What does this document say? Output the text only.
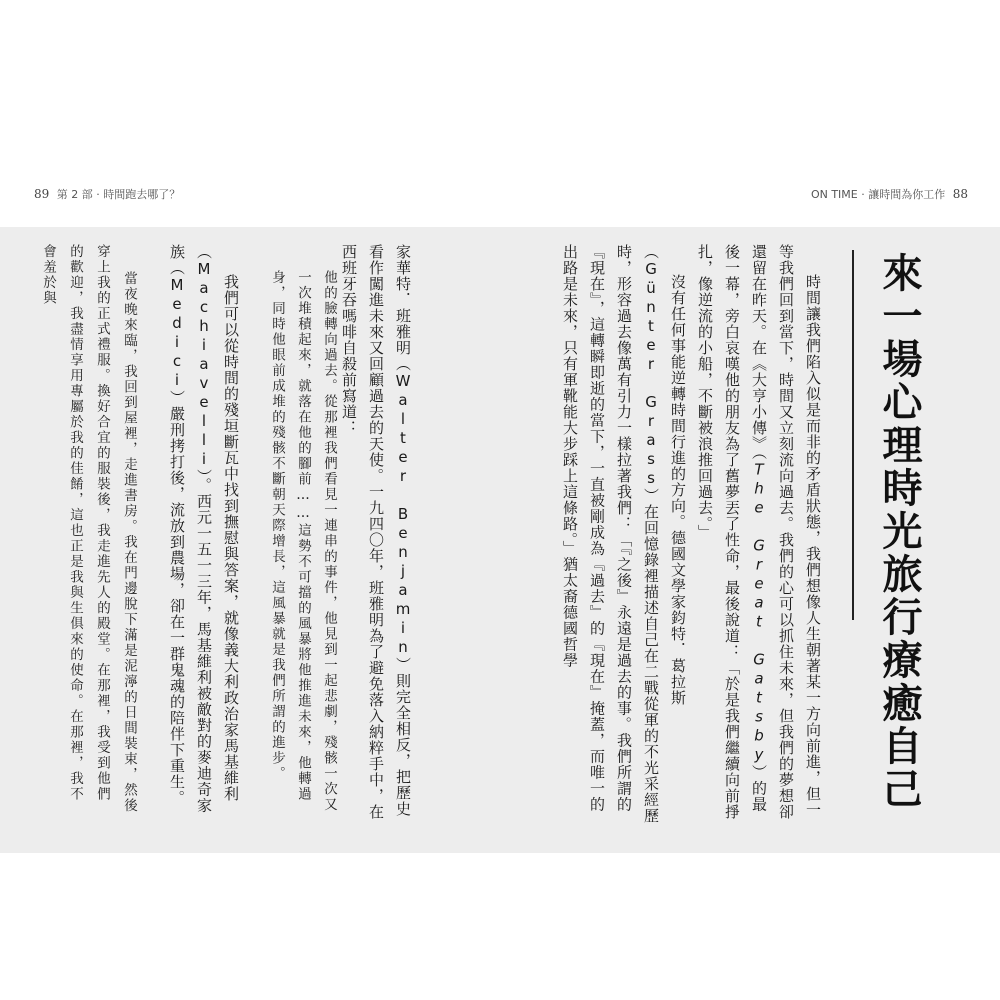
89 第 2 部 · 時間跑去哪了？	ON TIME · 讓時間為你工作 88
來一場心理時光旅行療癒自己

時間讓我們陷入似是而非的矛盾狀態，我們想像人生朝著某一方向前進，但一等我們回到當下，時間又立刻流向過去。我們的心可以抓住未來，但我們的夢想卻還留在昨天。在《大亨小傳》（The Great Gatsby）的最後一幕，旁白哀嘆他的朋友為了舊夢丟了性命，最後說道：「於是我們繼續向前掙扎，像逆流的小船，不斷被浪推回過去。」

沒有任何事能逆轉時間行進的方向。德國文學家鈞特．葛拉斯（Günter Grass）在回憶錄裡描述自己在二戰從軍的不光采經歷時，形容過去像萬有引力一樣拉著我們：「『之後』永遠是過去的事。我們所謂的『現在』，這轉瞬即逝的當下，一直被剛成為『過去』的『現在』掩蓋，而唯一的出路是未來，只有軍靴能大步踩上這條路。」猶太裔德國哲學

家華特．班雅明（Walter Benjamin）則完全相反，把歷史看作闖進未來又回顧過去的天使。一九四〇年，班雅明為了避免落入納粹手中，在西班牙吞嗎啡自殺前寫道：
他的臉轉向過去。從那裡我們看見一連串的事件，他見到一起悲劇，殘骸一次又一次堆積起來，就落在他的腳前……這勢不可擋的風暴將他推進未來，他轉過身，同時他眼前成堆的殘骸不斷朝天際增長，這風暴就是我們所謂的進步。

我們可以從時間的殘垣斷瓦中找到撫慰與答案，就像義大利政治家馬基維利（Machiavelli）。西元一五一三年，馬基維利被敵對的麥迪奇家族（Medici）嚴刑拷打後，流放到農場，卻在一群鬼魂的陪伴下重生。

當夜晚來臨，我回到屋裡，走進書房。我在門邊脫下滿是泥濘的日間裝束，然後穿上我的正式禮服。換好合宜的服裝後，我走進先人的殿堂。在那裡，我受到他們的歡迎，我盡情享用專屬於我的佳餚，這也正是我與生俱來的使命。在那裡，我不會羞於與
